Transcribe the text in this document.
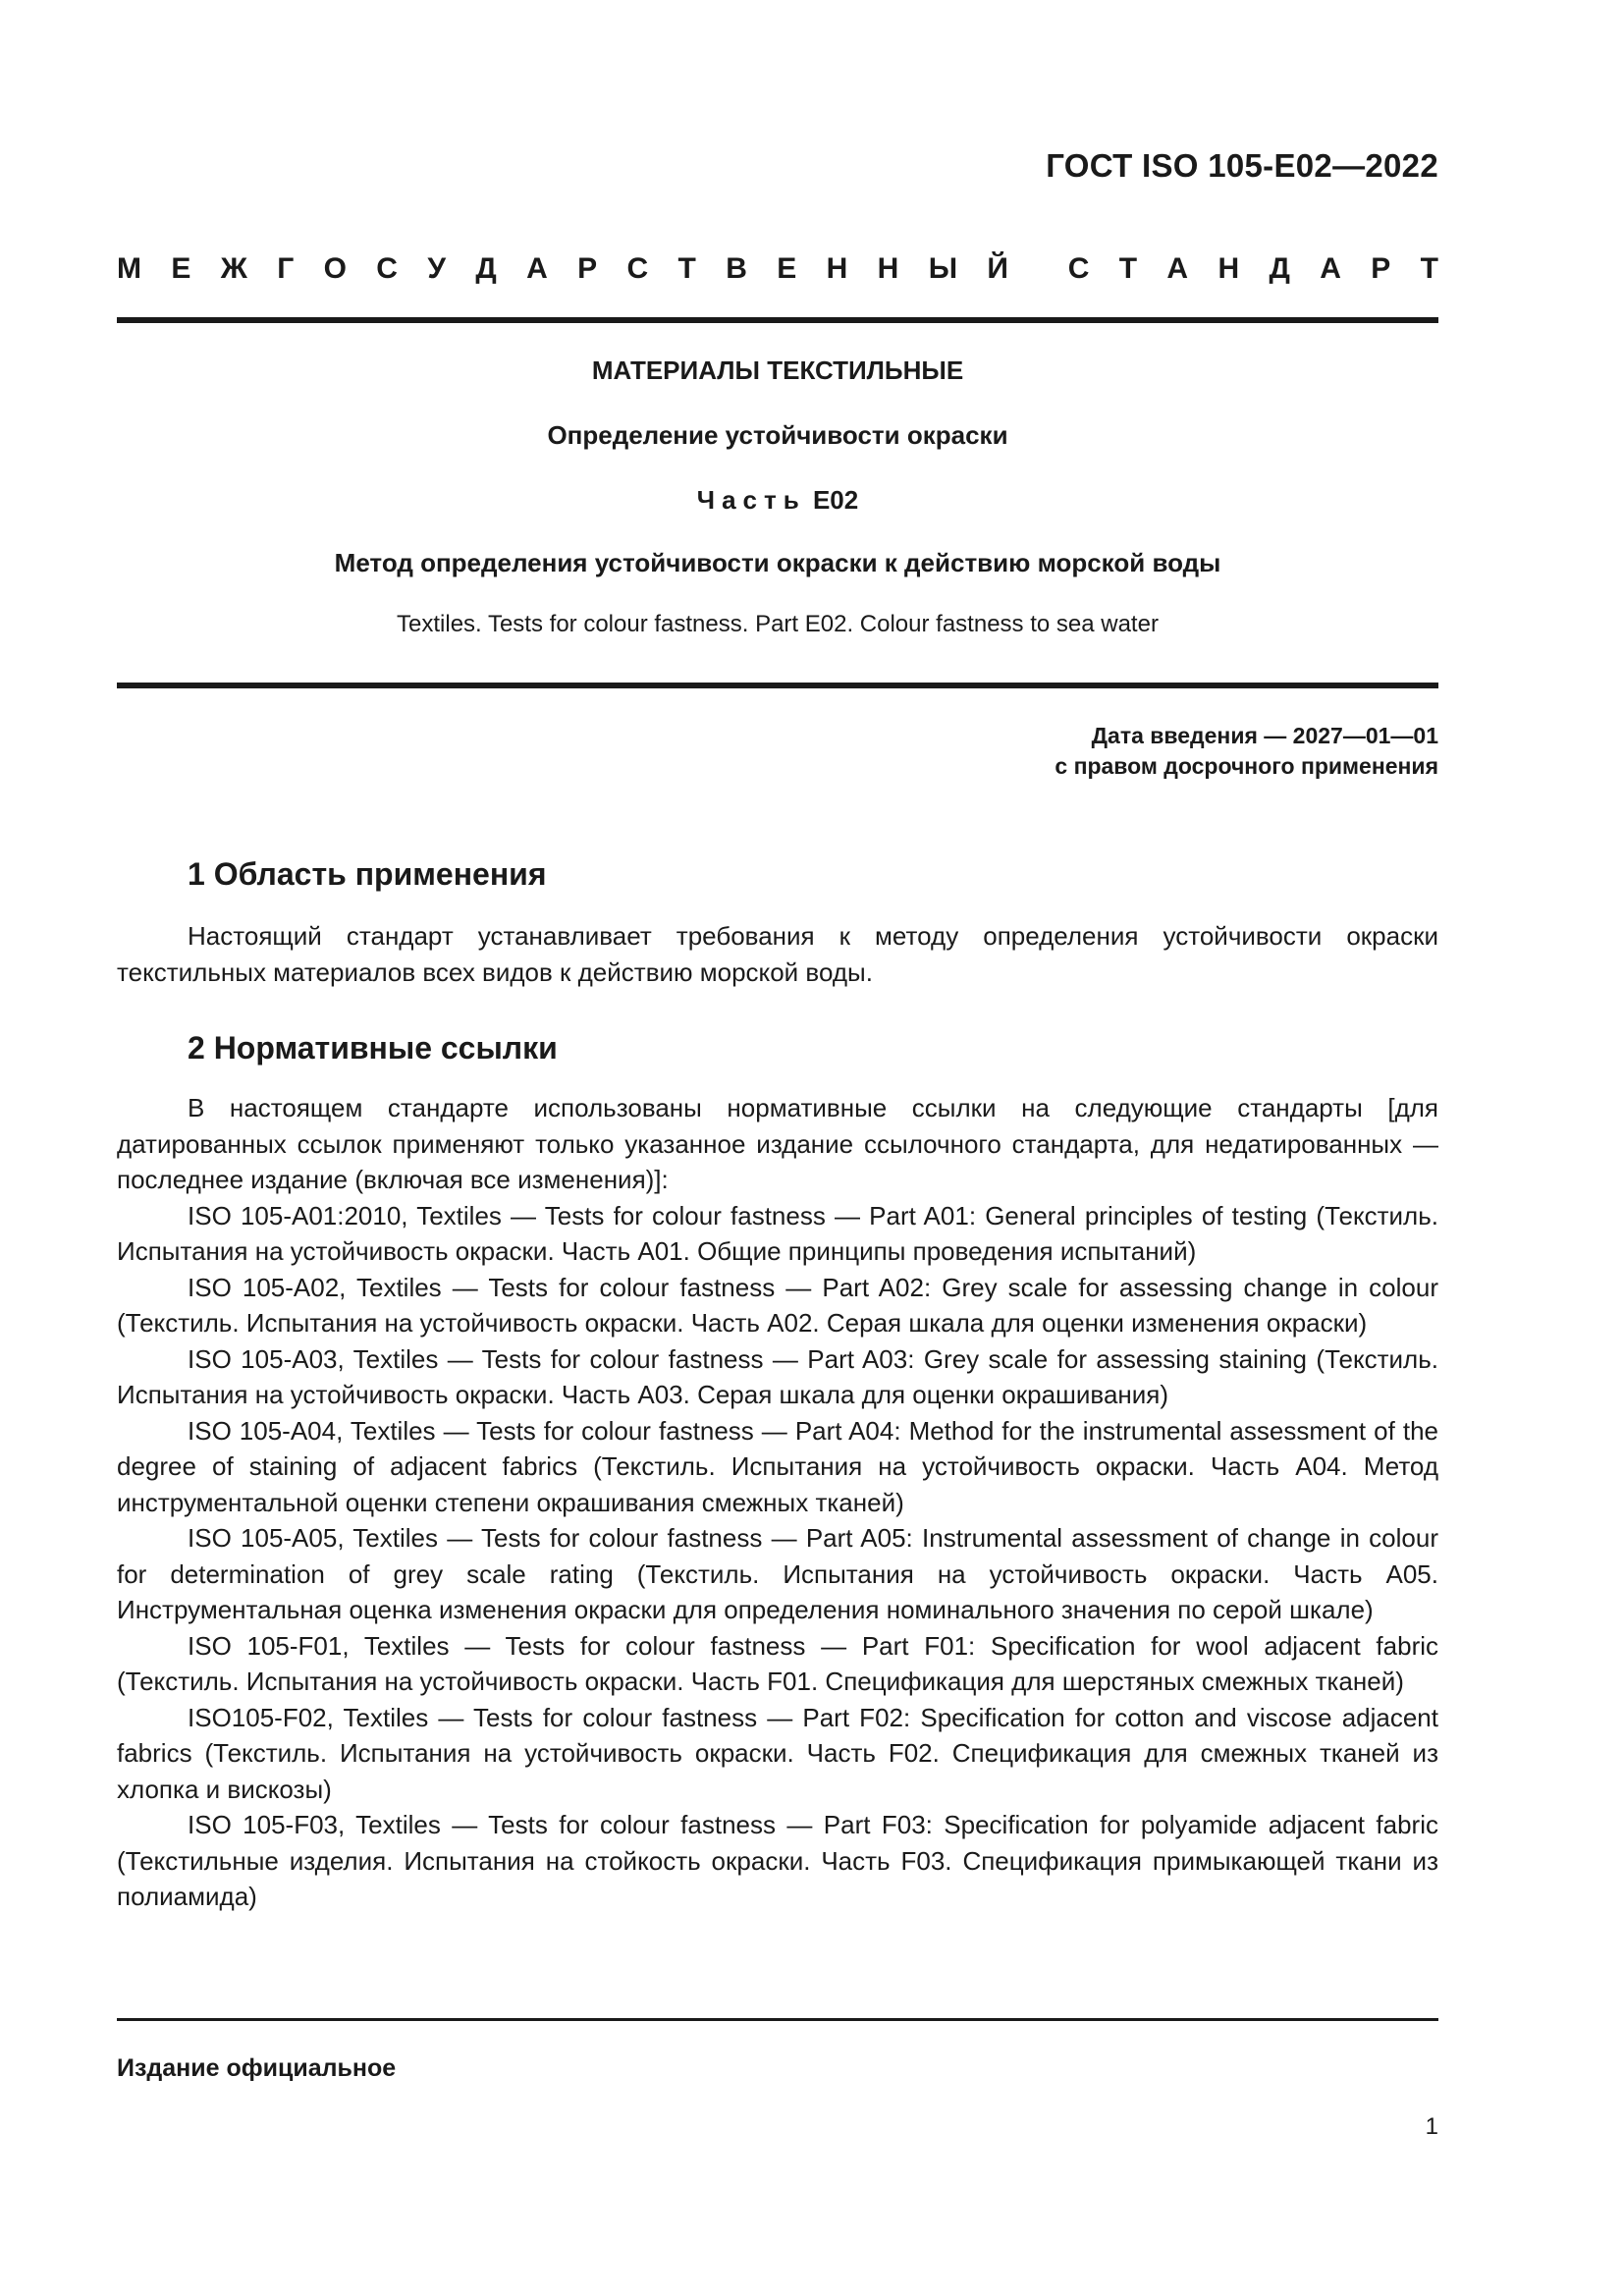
ГОСТ ISO 105-E02—2022
М Е Ж Г О С У Д А Р С Т В Е Н Н Ы Й С Т А Н Д А Р Т
МАТЕРИАЛЫ ТЕКСТИЛЬНЫЕ
Определение устойчивости окраски
Часть E02
Метод определения устойчивости окраски к действию морской воды
Textiles. Tests for colour fastness. Part E02. Colour fastness to sea water
Дата введения — 2027—01—01
с правом досрочного применения
1 Область применения

Настоящий стандарт устанавливает требования к методу определения устойчивости окраски текстильных материалов всех видов к действию морской воды.

2 Нормативные ссылки

В настоящем стандарте использованы нормативные ссылки на следующие стандарты [для датированных ссылок применяют только указанное издание ссылочного стандарта, для недатированных — последнее издание (включая все изменения)]:

ISO 105-A01:2010, Textiles — Tests for colour fastness — Part A01: General principles of testing (Текстиль. Испытания на устойчивость окраски. Часть А01. Общие принципы проведения испытаний)

ISO 105-A02, Textiles — Tests for colour fastness — Part A02: Grey scale for assessing change in colour (Текстиль. Испытания на устойчивость окраски. Часть А02. Серая шкала для оценки изменения окраски)

ISO 105-A03, Textiles — Tests for colour fastness — Part A03: Grey scale for assessing staining (Текстиль. Испытания на устойчивость окраски. Часть А03. Серая шкала для оценки окрашивания)

ISO 105-A04, Textiles — Tests for colour fastness — Part A04: Method for the instrumental assessment of the degree of staining of adjacent fabrics (Текстиль. Испытания на устойчивость окраски. Часть А04. Метод инструментальной оценки степени окрашивания смежных тканей)

ISO 105-A05, Textiles — Tests for colour fastness — Part A05: Instrumental assessment of change in colour for determination of grey scale rating (Текстиль. Испытания на устойчивость окраски. Часть А05. Инструментальная оценка изменения окраски для определения номинального значения по серой шкале)

ISO 105-F01, Textiles — Tests for colour fastness — Part F01: Specification for wool adjacent fabric (Текстиль. Испытания на устойчивость окраски. Часть F01. Спецификация для шерстяных смежных тканей)

ISO105-F02, Textiles — Tests for colour fastness — Part F02: Specification for cotton and viscose adjacent fabrics (Текстиль. Испытания на устойчивость окраски. Часть F02. Спецификация для смежных тканей из хлопка и вискозы)

ISO 105-F03, Textiles — Tests for colour fastness — Part F03: Specification for polyamide adjacent fabric (Текстильные изделия. Испытания на стойкость окраски. Часть F03. Спецификация примыкающей ткани из полиамида)

Издание официальное
1
